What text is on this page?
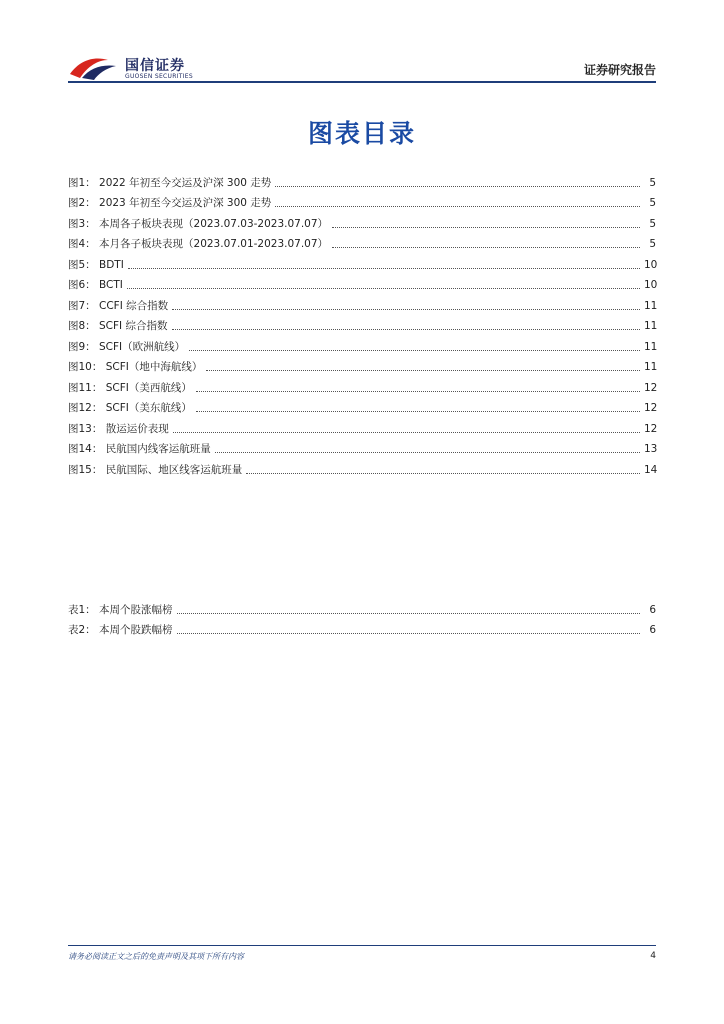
国信证券
GUOSEN SECURITIES	证券研究报告
图表目录
图1： 2022 年初至今交运及沪深 300 走势	5
图2： 2023 年初至今交运及沪深 300 走势	5
图3： 本周各子板块表现（2023.07.03-2023.07.07）	5
图4： 本月各子板块表现（2023.07.01-2023.07.07）	5
图5： BDTI	10
图6： BCTI	10
图7： CCFI 综合指数	11
图8： SCFI 综合指数	11
图9： SCFI（欧洲航线）	11
图10： SCFI（地中海航线）	11
图11： SCFI（美西航线）	12
图12： SCFI（美东航线）	12
图13： 散运运价表现	12
图14： 民航国内线客运航班量	13
图15： 民航国际、地区线客运航班量	14
表1： 本周个股涨幅榜	6
表2： 本周个股跌幅榜	6
请务必阅读正文之后的免责声明及其项下所有内容	4
